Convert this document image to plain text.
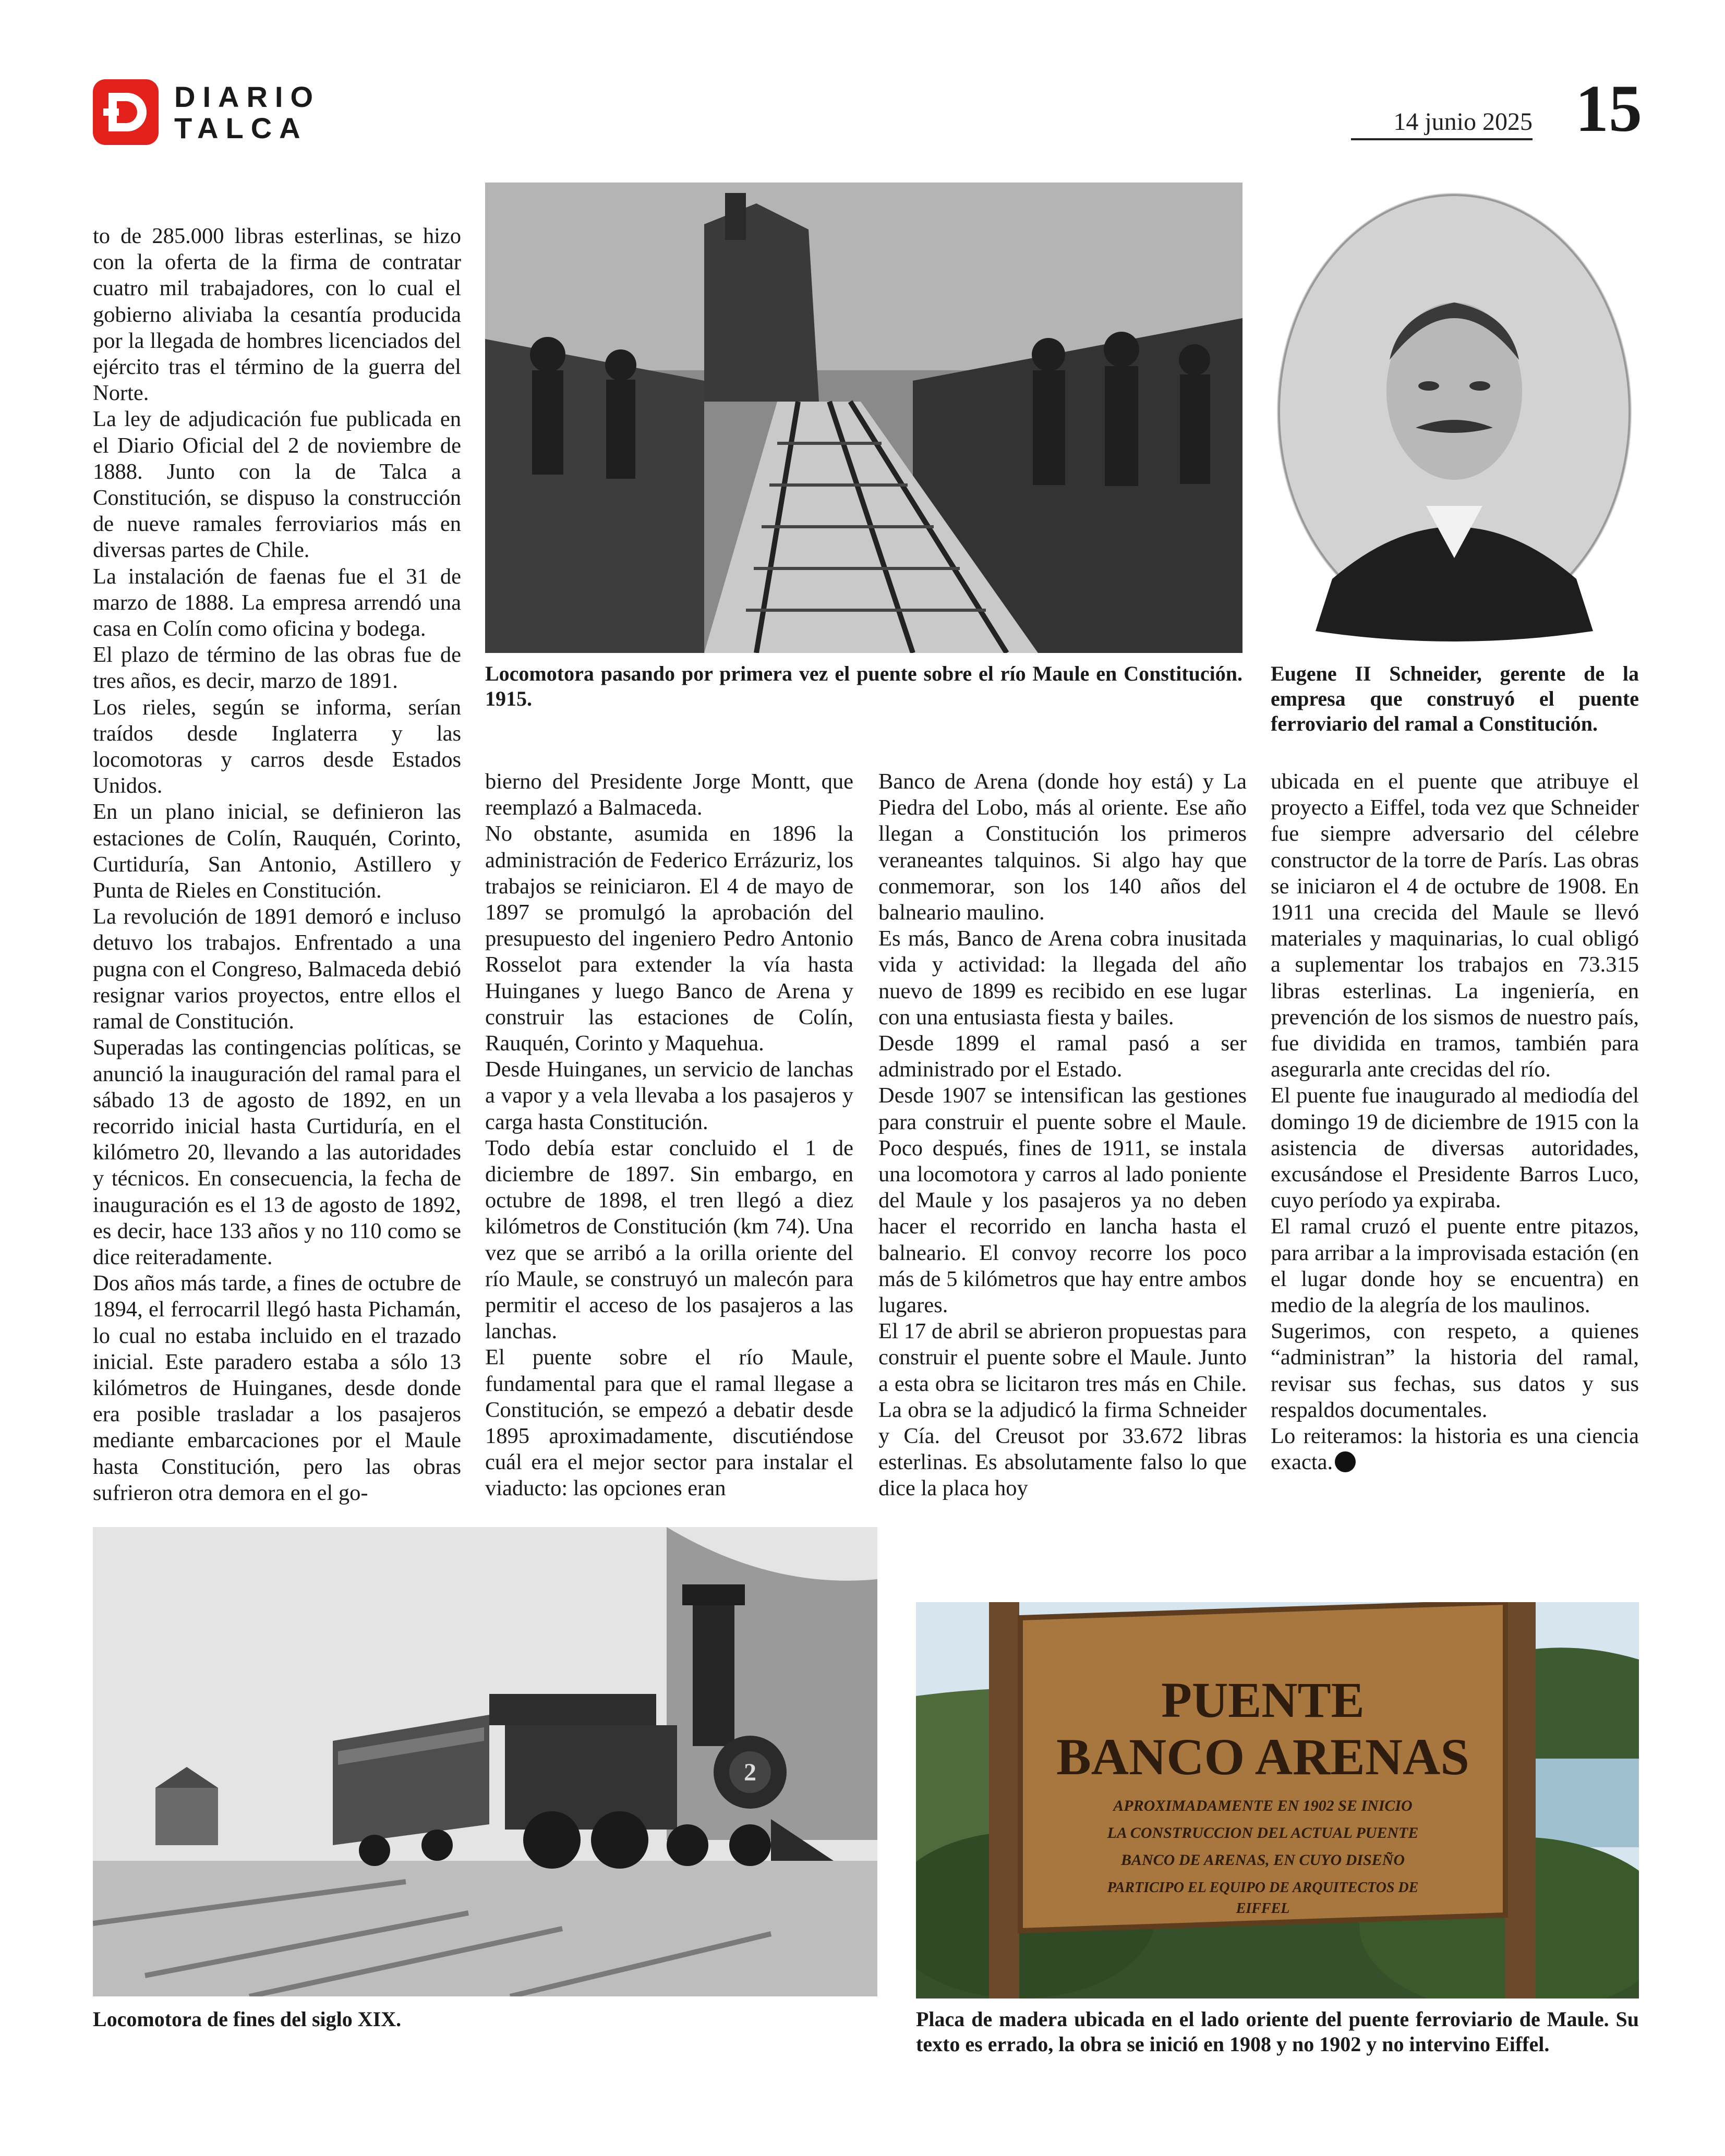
DIARIO
TALCA	14 junio 2025 15
Locomotora pasando por primera vez el puente sobre el río Maule en Constitución. 1915.
Eugene II Schneider, gerente de la empresa que construyó el puente ferroviario del ramal a Constitución.

to de 285.000 libras esterlinas, se hizo con la oferta de la firma de contratar cuatro mil trabajadores, con lo cual el gobierno aliviaba la cesantía producida por la llegada de hombres licenciados del ejército tras el término de la guerra del Norte.

La ley de adjudicación fue publicada en el Diario Oficial del 2 de noviembre de 1888. Junto con la de Talca a Constitución, se dispuso la construcción de nueve ramales ferroviarios más en diversas partes de Chile.

La instalación de faenas fue el 31 de marzo de 1888. La empresa arrendó una casa en Colín como oficina y bodega.

El plazo de término de las obras fue de tres años, es decir, marzo de 1891.

Los rieles, según se informa, serían traídos desde Inglaterra y las locomotoras y carros desde Estados Unidos.

En un plano inicial, se definieron las estaciones de Colín, Rauquén, Corinto, Curtiduría, San Antonio, Astillero y Punta de Rieles en Constitución.

La revolución de 1891 demoró e incluso detuvo los trabajos. Enfrentado a una pugna con el Congreso, Balmaceda debió resignar varios proyectos, entre ellos el ramal de Constitución.

Superadas las contingencias políticas, se anunció la inauguración del ramal para el sábado 13 de agosto de 1892, en un recorrido inicial hasta Curtiduría, en el kilómetro 20, llevando a las autoridades y técnicos. En consecuencia, la fecha de inauguración es el 13 de agosto de 1892, es decir, hace 133 años y no 110 como se dice reiteradamente.

Dos años más tarde, a fines de octubre de 1894, el ferrocarril llegó hasta Pichamán, lo cual no estaba incluido en el trazado inicial. Este paradero estaba a sólo 13 kilómetros de Huinganes, desde donde era posible trasladar a los pasajeros mediante embarcaciones por el Maule hasta Constitución, pero las obras sufrieron otra demora en el go-

bierno del Presidente Jorge Montt, que reemplazó a Balmaceda.

No obstante, asumida en 1896 la administración de Federico Errázuriz, los trabajos se reiniciaron. El 4 de mayo de 1897 se promulgó la aprobación del presupuesto del ingeniero Pedro Antonio Rosselot para extender la vía hasta Huinganes y luego Banco de Arena y construir las estaciones de Colín, Rauquén, Corinto y Maquehua.

Desde Huinganes, un servicio de lanchas a vapor y a vela llevaba a los pasajeros y carga hasta Constitución.

Todo debía estar concluido el 1 de diciembre de 1897. Sin embargo, en octubre de 1898, el tren llegó a diez kilómetros de Constitución (km 74). Una vez que se arribó a la orilla oriente del río Maule, se construyó un malecón para permitir el acceso de los pasajeros a las lanchas.

El puente sobre el río Maule, fundamental para que el ramal llegase a Constitución, se empezó a debatir desde 1895 aproximadamente, discutiéndose cuál era el mejor sector para instalar el viaducto: las opciones eran

Banco de Arena (donde hoy está) y La Piedra del Lobo, más al oriente. Ese año llegan a Constitución los primeros veraneantes talquinos. Si algo hay que conmemorar, son los 140 años del balneario maulino.

Es más, Banco de Arena cobra inusitada vida y actividad: la llegada del año nuevo de 1899 es recibido en ese lugar con una entusiasta fiesta y bailes.

Desde 1899 el ramal pasó a ser administrado por el Estado.

Desde 1907 se intensifican las gestiones para construir el puente sobre el Maule. Poco después, fines de 1911, se instala una locomotora y carros al lado poniente del Maule y los pasajeros ya no deben hacer el recorrido en lancha hasta el balneario. El convoy recorre los poco más de 5 kilómetros que hay entre ambos lugares.

El 17 de abril se abrieron propuestas para construir el puente sobre el Maule. Junto a esta obra se licitaron tres más en Chile. La obra se la adjudicó la firma Schneider y Cía. del Creusot por 33.672 libras esterlinas. Es absolutamente falso lo que dice la placa hoy

ubicada en el puente que atribuye el proyecto a Eiffel, toda vez que Schneider fue siempre adversario del célebre constructor de la torre de París. Las obras se iniciaron el 4 de octubre de 1908. En 1911 una crecida del Maule se llevó materiales y maquinarias, lo cual obligó a suplementar los trabajos en 73.315 libras esterlinas. La ingeniería, en prevención de los sismos de nuestro país, fue dividida en tramos, también para asegurarla ante crecidas del río.

El puente fue inaugurado al mediodía del domingo 19 de diciembre de 1915 con la asistencia de diversas autoridades, excusándose el Presidente Barros Luco, cuyo período ya expiraba.

El ramal cruzó el puente entre pitazos, para arribar a la improvisada estación (en el lugar donde hoy se encuentra) en medio de la alegría de los maulinos.

Sugerimos, con respeto, a quienes “administran” la historia del ramal, revisar sus fechas, sus datos y sus respaldos documentales.

Lo reiteramos: la historia es una ciencia exacta.

2
Locomotora de fines del siglo XIX.
PUENTE
BANCO ARENAS
APROXIMADAMENTE EN 1902 SE INICIO
LA CONSTRUCCION DEL ACTUAL PUENTE
BANCO DE ARENAS, EN CUYO DISEÑO
PARTICIPO EL EQUIPO DE ARQUITECTOS DE
EIFFEL
Placa de madera ubicada en el lado oriente del puente ferroviario de Maule. Su texto es errado, la obra se inició en 1908 y no 1902 y no intervino Eiffel.
